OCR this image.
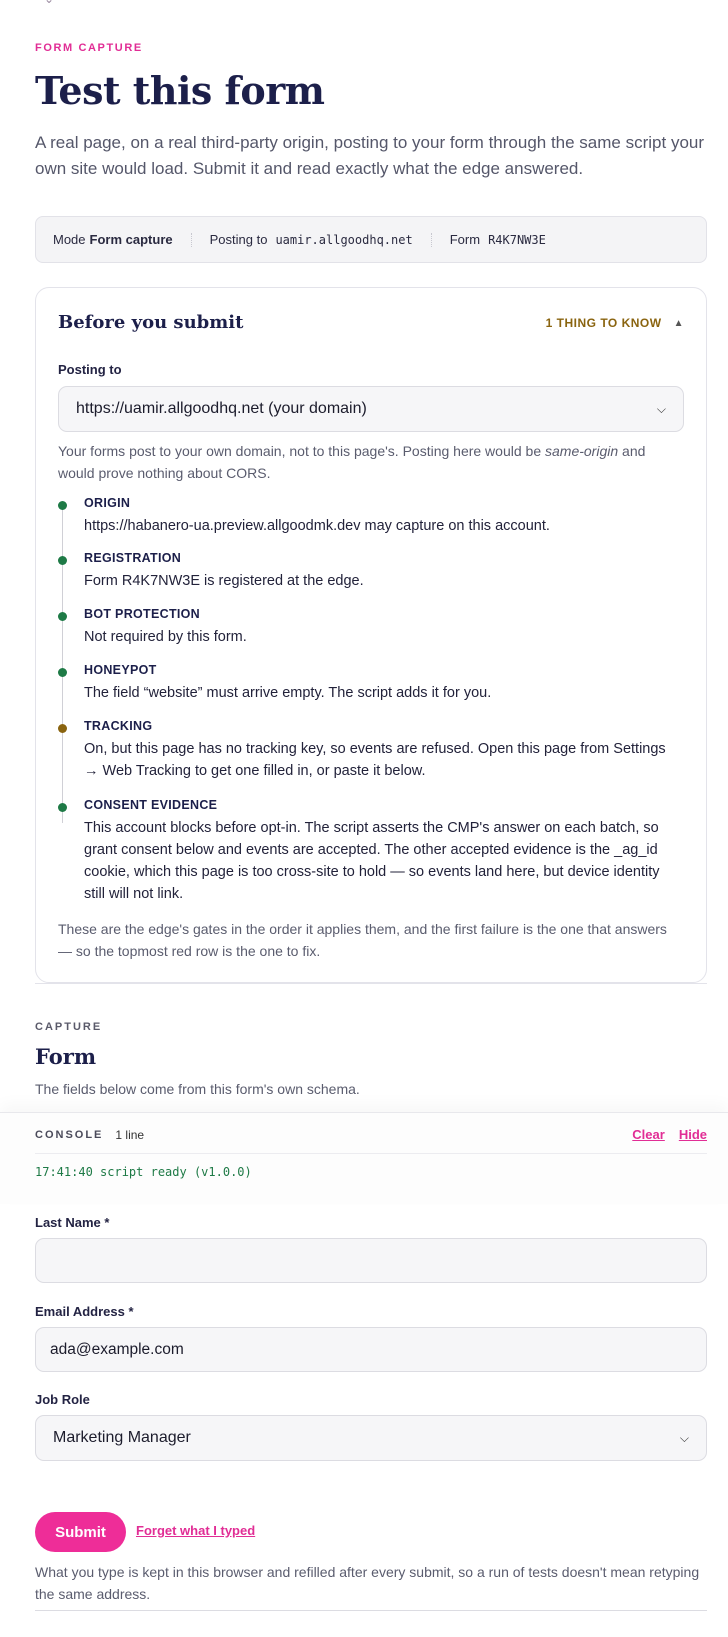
FORM CAPTURE
Test this form
A real page, on a real third-party origin, posting to your form through the same script your own site would load. Submit it and read exactly what the edge answered.
Mode Form capture	Posting to uamir.allgoodhq.net	Form R4K7NW3E
Before you submit	1 THING TO KNOW ▲
Posting to
https://uamir.allgoodhq.net (your domain)	⌵
Your forms post to your own domain, not to this page's. Posting here would be same-origin and would prove nothing about CORS.
ORIGIN
https://habanero-ua.preview.allgoodmk.dev may capture on this account.
REGISTRATION
Form R4K7NW3E is registered at the edge.
BOT PROTECTION
Not required by this form.
HONEYPOT
The field “website” must arrive empty. The script adds it for you.
TRACKING
On, but this page has no tracking key, so events are refused. Open this page from Settings → Web Tracking to get one filled in, or paste it below.
CONSENT EVIDENCE
This account blocks before opt-in. The script asserts the CMP's answer on each batch, so grant consent below and events are accepted. The other accepted evidence is the _ag_id cookie, which this page is too cross-site to hold — so events land here, but device identity still will not link.
These are the edge's gates in the order it applies them, and the first failure is the one that answers — so the topmost red row is the one to fix.
CAPTURE
Form
The fields below come from this form's own schema.
CONSOLE 1 line	Clear Hide
17:41:40 script ready (v1.0.0)
Last Name *
Email Address *
ada@example.com
Job Role
Marketing Manager	⌵
Submit	Forget what I typed
What you type is kept in this browser and refilled after every submit, so a run of tests doesn't mean retyping the same address.
